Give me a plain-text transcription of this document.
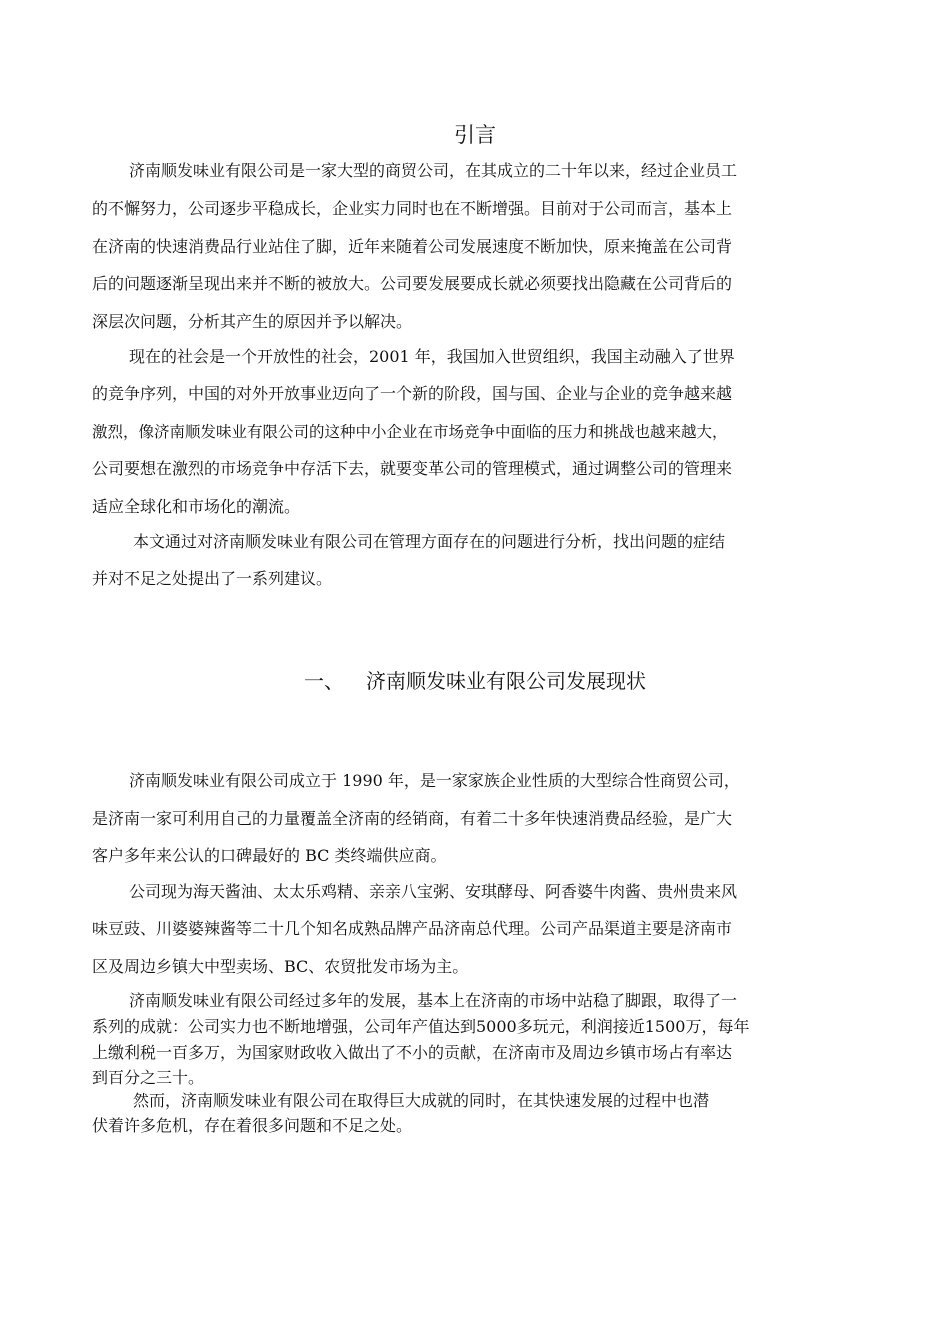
引言
济南顺发味业有限公司是一家大型的商贸公司，在其成立的二十年以来，经过企业员工
的不懈努力，公司逐步平稳成长，企业实力同时也在不断增强。目前对于公司而言，基本上
在济南的快速消费品行业站住了脚，近年来随着公司发展速度不断加快，原来掩盖在公司背
后的问题逐渐呈现出来并不断的被放大。公司要发展要成长就必须要找出隐藏在公司背后的
深层次问题，分析其产生的原因并予以解决。
现在的社会是一个开放性的社会，2001 年，我国加入世贸组织，我国主动融入了世界
的竞争序列，中国的对外开放事业迈向了一个新的阶段，国与国、企业与企业的竞争越来越
激烈，像济南顺发味业有限公司的这种中小企业在市场竞争中面临的压力和挑战也越来越大，
公司要想在激烈的市场竞争中存活下去，就要变革公司的管理模式，通过调整公司的管理来
适应全球化和市场化的潮流。
本文通过对济南顺发味业有限公司在管理方面存在的问题进行分析，找出问题的症结
并对不足之处提出了一系列建议。
一、 济南顺发味业有限公司发展现状
济南顺发味业有限公司成立于 1990 年，是一家家族企业性质的大型综合性商贸公司，
是济南一家可利用自己的力量覆盖全济南的经销商，有着二十多年快速消费品经验，是广大
客户多年来公认的口碑最好的 BC 类终端供应商。
公司现为海天酱油、太太乐鸡精、亲亲八宝粥、安琪酵母、阿香婆牛肉酱、贵州贵来风
味豆豉、川婆婆辣酱等二十几个知名成熟品牌产品济南总代理。公司产品渠道主要是济南市
区及周边乡镇大中型卖场、BC、农贸批发市场为主。
济南顺发味业有限公司经过多年的发展，基本上在济南的市场中站稳了脚跟，取得了一
系列的成就：公司实力也不断地增强，公司年产值达到5000多玩元，利润接近1500万，每年
上缴利税一百多万，为国家财政收入做出了不小的贡献，在济南市及周边乡镇市场占有率达
到百分之三十。
然而，济南顺发味业有限公司在取得巨大成就的同时，在其快速发展的过程中也潜
伏着许多危机，存在着很多问题和不足之处。
